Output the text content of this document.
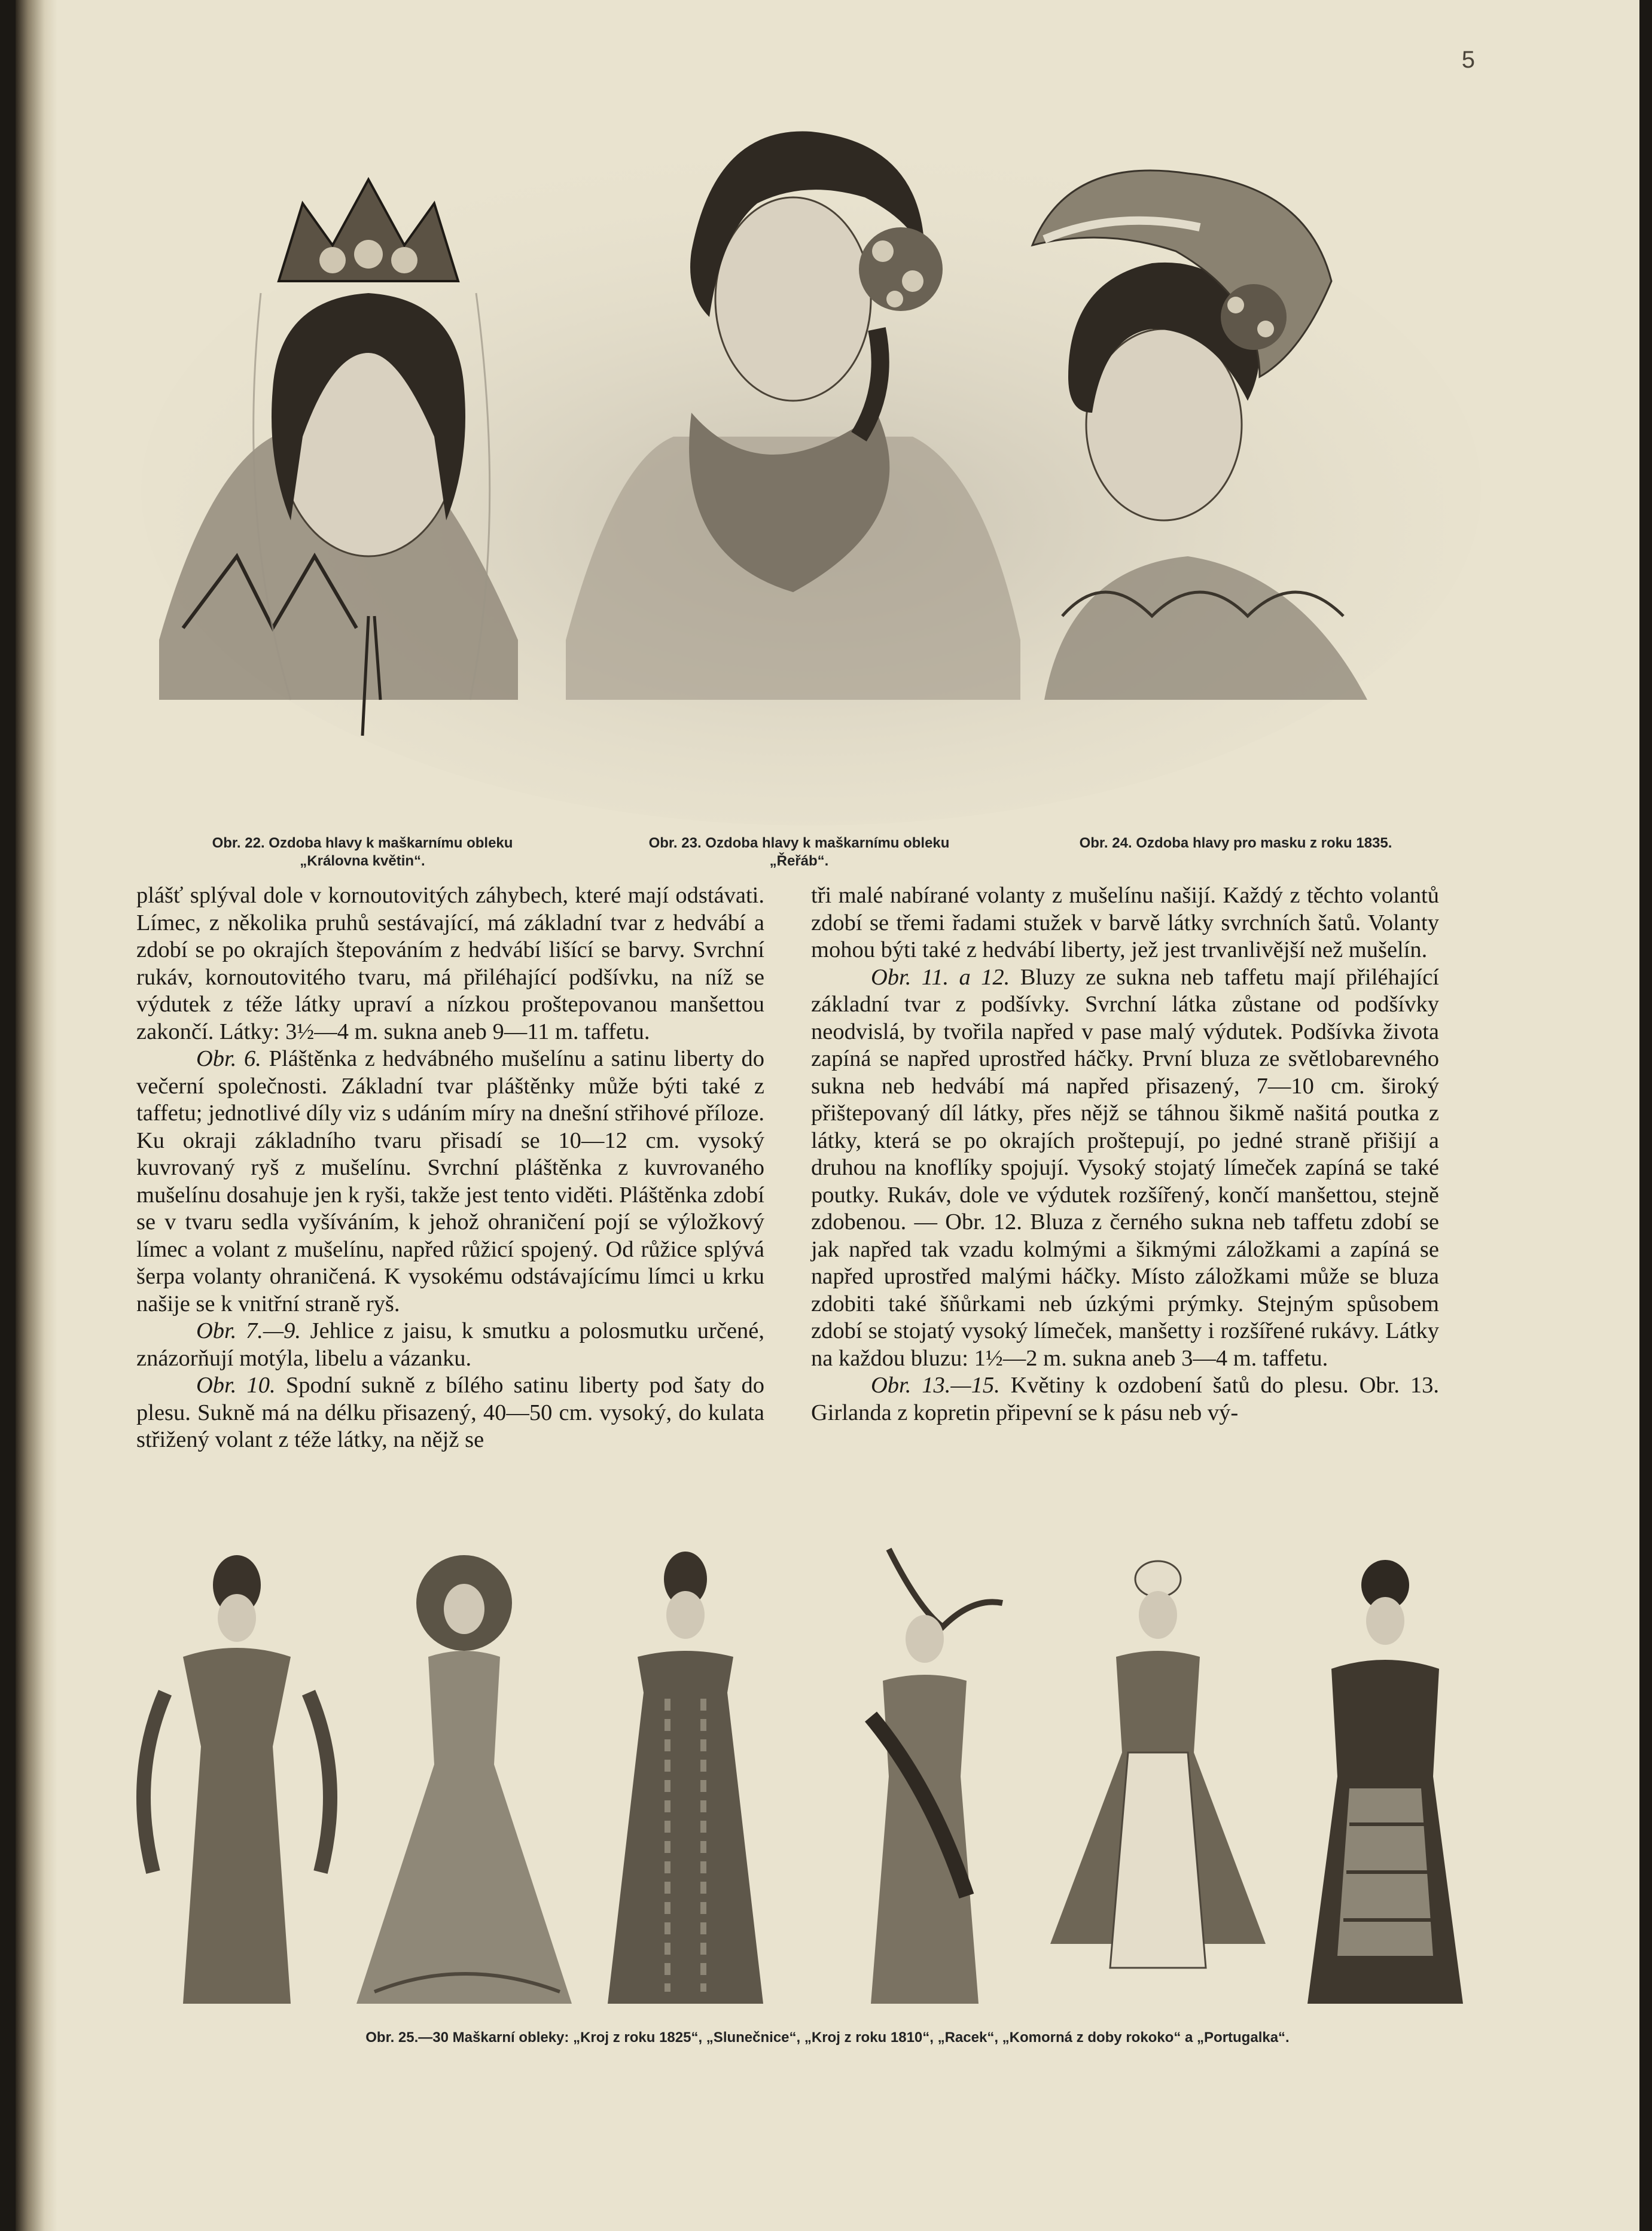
5
Obr. 22. Ozdoba hlavy k maškarnímu obleku
„Královna květin“.
Obr. 23. Ozdoba hlavy k maškarnímu obleku
„Řeřáb“.
Obr. 24. Ozdoba hlavy pro masku z roku 1835.

plášť splýval dole v kornoutovitých záhybech, které mají odstávati. Límec, z několika pruhů sestávající, má základní tvar z hedvábí a zdobí se po okrajích štepováním z hedvábí lišící se barvy. Svrchní rukáv, kornoutovitého tvaru, má přiléhající podšívku, na níž se výdutek z téže látky upraví a nízkou proštepovanou manšettou zakončí. Látky: 3½—4 m. sukna aneb 9—11 m. taffetu.

Obr. 6. Pláštěnka z hedvábného mušelínu a satinu liberty do večerní společnosti. Základní tvar pláštěnky může býti také z taffetu; jednotlivé díly viz s udáním míry na dnešní střihové příloze. Ku okraji základního tvaru přisadí se 10—12 cm. vysoký kuvrovaný ryš z mušelínu. Svrchní pláštěnka z kuvrovaného mušelínu dosahuje jen k ryši, takže jest tento viděti. Pláštěnka zdobí se v tvaru sedla vyšíváním, k jehož ohraničení pojí se výložkový límec a volant z mušelínu, napřed růžicí spojený. Od růžice splývá šerpa volanty ohraničená. K vysokému odstávajícímu límci u krku našije se k vnitřní straně ryš.

Obr. 7.—9. Jehlice z jaisu, k smutku a polosmutku určené, znázorňují motýla, libelu a vázanku.

Obr. 10. Spodní sukně z bílého satinu liberty pod šaty do plesu. Sukně má na délku přisazený, 40—50 cm. vysoký, do kulata střižený volant z téže látky, na nějž se

tři malé nabírané volanty z mušelínu našijí. Každý z těchto volantů zdobí se třemi řadami stužek v barvě látky svrchních šatů. Volanty mohou býti také z hedvábí liberty, jež jest trvanlivější než mušelín.

Obr. 11. a 12. Bluzy ze sukna neb taffetu mají přiléhající základní tvar z podšívky. Svrchní látka zůstane od podšívky neodvislá, by tvořila napřed v pase malý výdutek. Podšívka života zapíná se napřed uprostřed háčky. První bluza ze světlobarevného sukna neb hedvábí má napřed přisazený, 7—10 cm. široký přištepovaný díl látky, přes nějž se táhnou šikmě našitá poutka z látky, která se po okrajích proštepují, po jedné straně přišijí a druhou na knoflíky spojují. Vysoký stojatý límeček zapíná se také poutky. Rukáv, dole ve výdutek rozšířený, končí manšettou, stejně zdobenou. — Obr. 12. Bluza z černého sukna neb taffetu zdobí se jak napřed tak vzadu kolmými a šikmými záložkami a zapíná se napřed uprostřed malými háčky. Místo záložkami může se bluza zdobiti také šňůrkami neb úzkými prýmky. Stejným spůsobem zdobí se stojatý vysoký límeček, manšetty i rozšířené rukávy. Látky na každou bluzu: 1½—2 m. sukna aneb 3—4 m. taffetu.

Obr. 13.—15. Květiny k ozdobení šatů do plesu. Obr. 13. Girlanda z kopretin připevní se k pásu neb vý-

Obr. 25.—30 Maškarní obleky: „Kroj z roku 1825“, „Slunečnice“, „Kroj z roku 1810“, „Racek“, „Komorná z doby rokoko“ a „Portugalka“.
